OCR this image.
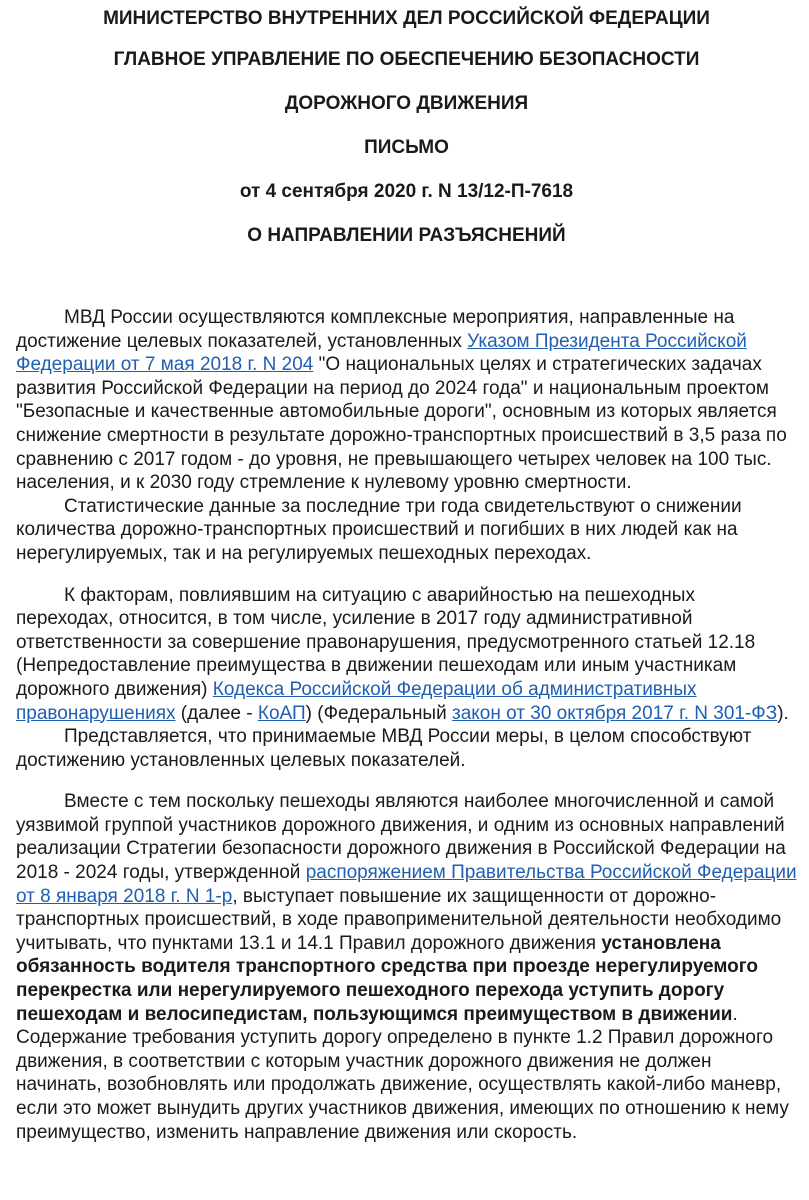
МИНИСТЕРСТВО ВНУТРЕННИХ ДЕЛ РОССИЙСКОЙ ФЕДЕРАЦИИ
ГЛАВНОЕ УПРАВЛЕНИЕ ПО ОБЕСПЕЧЕНИЮ БЕЗОПАСНОСТИ
ДОРОЖНОГО ДВИЖЕНИЯ
ПИСЬМО
от 4 сентября 2020 г. N 13/12-П-7618
О НАПРАВЛЕНИИ РАЗЪЯСНЕНИЙ

МВД России осуществляются комплексные мероприятия, направленные на достижение целевых показателей, установленных Указом Президента Российской Федерации от 7 мая 2018 г. N 204 "О национальных целях и стратегических задачах развития Российской Федерации на период до 2024 года" и национальным проектом "Безопасные и качественные автомобильные дороги", основным из которых является снижение смертности в результате дорожно-транспортных происшествий в 3,5 раза по сравнению с 2017 годом - до уровня, не превышающего четырех человек на 100 тыс. населения, и к 2030 году стремление к нулевому уровню смертности.

Статистические данные за последние три года свидетельствуют о снижении количества дорожно-транспортных происшествий и погибших в них людей как на нерегулируемых, так и на регулируемых пешеходных переходах.

К факторам, повлиявшим на ситуацию с аварийностью на пешеходных переходах, относится, в том числе, усиление в 2017 году административной ответственности за совершение правонарушения, предусмотренного статьей 12.18 (Непредоставление преимущества в движении пешеходам или иным участникам дорожного движения) Кодекса Российской Федерации об административных правонарушениях (далее - КоАП) (Федеральный закон от 30 октября 2017 г. N 301-ФЗ).

Представляется, что принимаемые МВД России меры, в целом способствуют достижению установленных целевых показателей.

Вместе с тем поскольку пешеходы являются наиболее многочисленной и самой уязвимой группой участников дорожного движения, и одним из основных направлений реализации Стратегии безопасности дорожного движения в Российской Федерации на 2018 - 2024 годы, утвержденной распоряжением Правительства Российской Федерации от 8 января 2018 г. N 1-р, выступает повышение их защищенности от дорожно-транспортных происшествий, в ходе правоприменительной деятельности необходимо учитывать, что пунктами 13.1 и 14.1 Правил дорожного движения установлена обязанность водителя транспортного средства при проезде нерегулируемого перекрестка или нерегулируемого пешеходного перехода уступить дорогу пешеходам и велосипедистам, пользующимся преимуществом в движении. Содержание требования уступить дорогу определено в пункте 1.2 Правил дорожного движения, в соответствии с которым участник дорожного движения не должен начинать, возобновлять или продолжать движение, осуществлять какой-либо маневр, если это может вынудить других участников движения, имеющих по отношению к нему преимущество, изменить направление движения или скорость.
